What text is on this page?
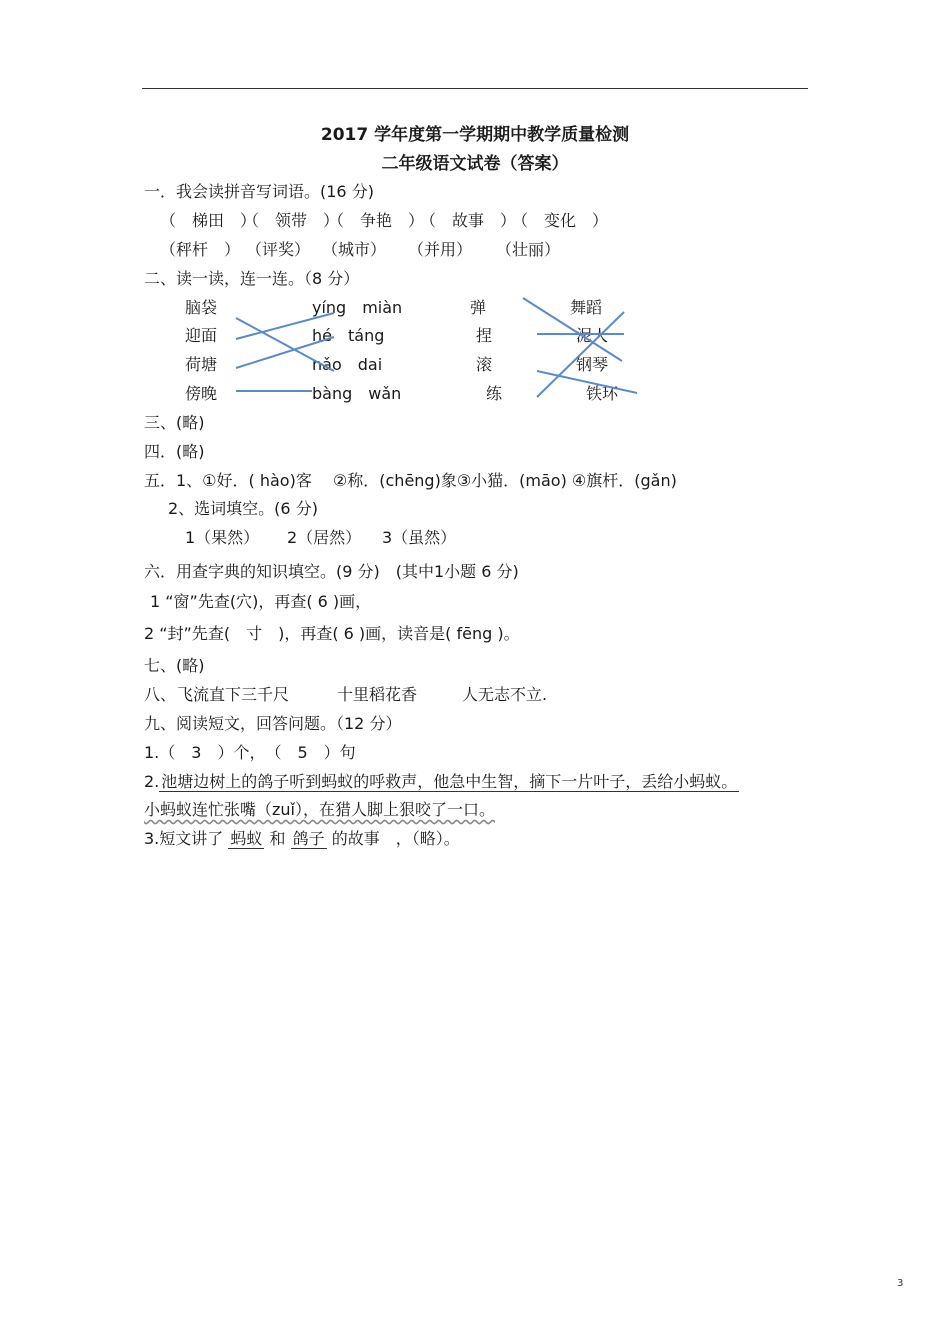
2017 学年度第一学期期中教学质量检测
二年级语文试卷（答案）
一．我会读拼音写词语。(16 分)
（　梯田　）
（　领带　）
（　争艳　）
（　故事　）
（　变化　）
（秤杆　） （评奖） （城市） （并用） （壮丽）
二、读一读，连一连。（8 分）
脑袋
迎面
荷塘
傍晚
yíng　miàn
hé　táng
nǎo　dai
bàng　wǎn
弹
捏
滚
练
舞蹈
泥人
钢琴
铁环
三、(略)
四．(略)
五．1、①好．( hào)客　 ②称．(chēng)象③小猫．(māo) ④旗杆．(gǎn)
2、选词填空。(6 分)
1（果然） 2（居然） 3（虽然）
六．用查字典的知识填空。(9 分)　(其中1小题 6 分)
1 “窗”先查(穴)，再查( 6 )画，
2 “封”先查(　寸　)，再查( 6 )画，读音是( fēng )。
七、(略)
八、 飞流直下三千尺	十里稻花香	人无志不立.
九、阅读短文，回答问题。（12 分）
1.（　3　）个，　（　5　）句
2. 池塘边树上的鸽子听到蚂蚁的呼救声，他急中生智，摘下一片叶子，丢给小蚂蚁。
小蚂蚁连忙张嘴（zuǐ），在猎人脚上狠咬了一口。
3.短文讲了 蚂蚁 和 鸽子 的故事　，（略）。
3
